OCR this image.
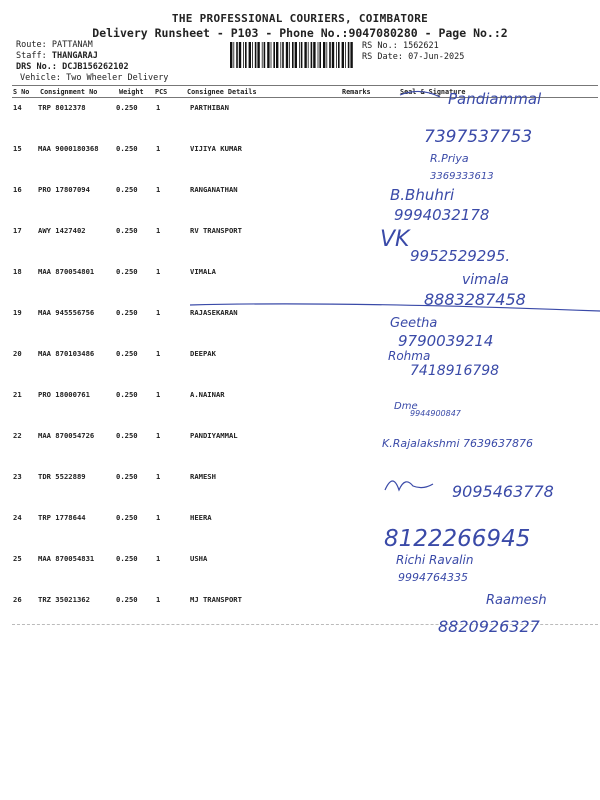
THE PROFESSIONAL COURIERS, COIMBATORE
Delivery Runsheet - P103 - Phone No.:9047080280 - Page No.:2
Route: PATTANAM
Staff: THANGARAJ
DRS No.: DCJB156262102
Vehicle: Two Wheeler Delivery
RS No.: 1562621
RS Date: 07-Jun-2025
S No Consignment No	Weight PCS	Consignee Details	Remarks	Seal & Signature
14 TRP 8012378	0.250	1	PARTHIBAN
15 MAA 9000180368 0.250	1	VIJIYA KUMAR
16 PRO 17807094	0.250	1	RANGANATHAN
17 AWY 1427402	0.250	1	RV TRANSPORT
18 MAA 870054801	0.250	1	VIMALA
19 MAA 945556756	0.250	1	RAJASEKARAN
20 MAA 870103486	0.250	1	DEEPAK
21 PRO 18000761	0.250	1	A.NAINAR
22 MAA 870054726	0.250	1	PANDIYAMMAL
23 TDR 5522889	0.250	1	RAMESH
24 TRP 1778644	0.250	1	HEERA
25 MAA 870054831	0.250	1	USHA
26 TRZ 35021362	0.250	1	MJ TRANSPORT
Pandiammal
7397537753
R.Priya
3369333613
B.Bhuhri
9994032178
VK
9952529295.
vimala
8883287458
Geetha
9790039214
Rohma
7418916798
Dme
9944900847
K.Rajalakshmi 7639637876
9095463778
8122266945
Richi Ravalin
9994764335
Raamesh
8820926327
